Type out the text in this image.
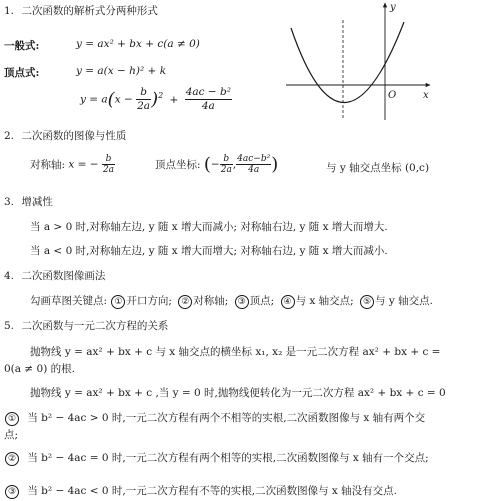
1. 二次函数的解析式分两种形式
一般式:	y = ax² + bx + c(a ≠ 0)
顶点式:	y = a(x − h)² + k
$y = a(x - \frac{b}{2a} )^2 + \frac{\text{4ac − b²}}{4a}$
y
x
O
2. 二次函数的图像与性质
对称轴: x = − $\frac{b}{2a}$	顶点坐标: (− $\frac{b}{2a}$ , $\frac{\text{4ac−b²}}{4a}$ )	与 y 轴交点坐标 (0,c)
3. 增减性
当 a > 0 时,对称轴左边, y 随 x 增大而减小; 对称轴右边, y 随 x 增大而增大.
当 a < 0 时,对称轴左边, y 随 x 增大而增大; 对称轴右边, y 随 x 增大而减小.
4. 二次函数图像画法
勾画草图关键点: ① 开口方向; ② 对称轴; ③ 顶点; ④ 与 x 轴交点; ⑤ 与 y 轴交点.
5. 二次函数与一元二次方程的关系
抛物线 y = ax² + bx + c 与 x 轴交点的横坐标 x₁, x₂ 是一元二次方程 ax² + bx + c =
0(a ≠ 0) 的根.
抛物线 y = ax² + bx + c ,当 y = 0 时,抛物线便转化为一元二次方程 ax² + bx + c = 0
① 当 b² − 4ac > 0 时,一元二次方程有两个不相等的实根,二次函数图像与 x 轴有两个交
点;
② 当 b² − 4ac = 0 时,一元二次方程有两个相等的实根,二次函数图像与 x 轴有一个交点;
③ 当 b² − 4ac < 0 时,一元二次方程有不等的实根,二次函数图像与 x 轴没有交点.
